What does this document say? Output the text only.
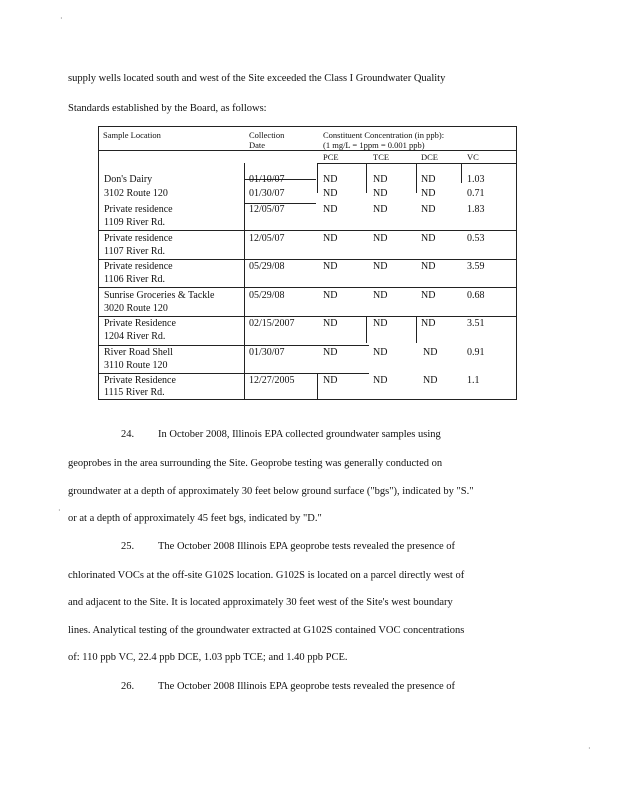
·
·
·
supply wells located south and west of the Site exceeded the Class I Groundwater Quality
Standards established by the Board, as follows:
Sample Location	Collection
Date
Constituent Concentration (in ppb):
(1 mg/L = 1ppm = 0.001 ppb)
PCE	TCE	DCE	VC
Don's Dairy	01/10/07	ND	ND	ND	1.03
3102 Route 120	01/30/07	ND	ND	ND	0.71
Private residence
1109 River Rd.
12/05/07	ND	ND	ND	1.83
Private residence
1107 River Rd.
12/05/07	ND	ND	ND	0.53
Private residence
1106 River Rd.
05/29/08	ND	ND	ND	3.59
Sunrise Groceries & Tackle
3020 Route 120
05/29/08	ND	ND	ND	0.68
Private Residence
1204 River Rd.
02/15/2007	ND	ND	ND	3.51
River Road Shell
3110 Route 120
01/30/07	ND	ND	ND	0.91
Private Residence
1115 River Rd.
12/27/2005	ND	ND	ND	1.1
24. In October 2008, Illinois EPA collected groundwater samples using
geoprobes in the area surrounding the Site. Geoprobe testing was generally conducted on
groundwater at a depth of approximately 30 feet below ground surface ("bgs"), indicated by "S."
or at a depth of approximately 45 feet bgs, indicated by "D."
25. The October 2008 Illinois EPA geoprobe tests revealed the presence of
chlorinated VOCs at the off-site G102S location. G102S is located on a parcel directly west of
and adjacent to the Site. It is located approximately 30 feet west of the Site's west boundary
lines. Analytical testing of the groundwater extracted at G102S contained VOC concentrations
of: 110 ppb VC, 22.4 ppb DCE, 1.03 ppb TCE; and 1.40 ppb PCE.
26. The October 2008 Illinois EPA geoprobe tests revealed the presence of
